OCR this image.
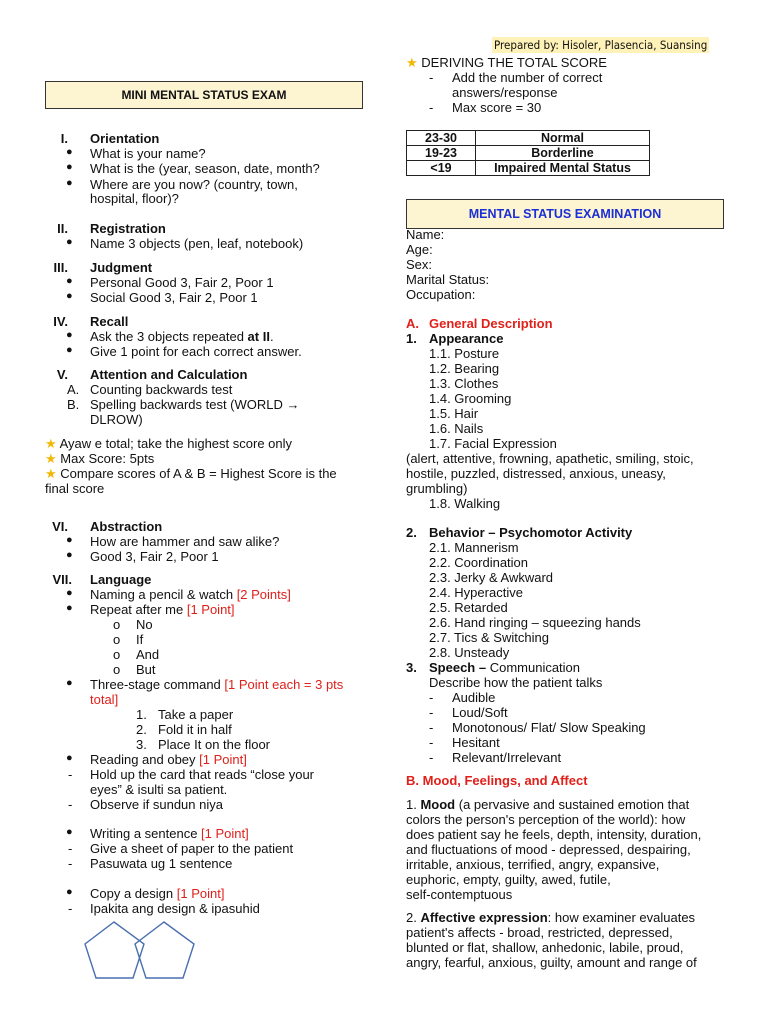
Prepared by: Hisoler, Plasencia, Suansing
MINI MENTAL STATUS EXAM
I. Orientation
● What is your name?
● What is the (year, season, date, month?
● Where are you now? (country, town,
hospital, floor)?
II. Registration
● Name 3 objects (pen, leaf, notebook)
III. Judgment
● Personal Good 3, Fair 2, Poor 1
● Social Good 3, Fair 2, Poor 1
IV. Recall
● Ask the 3 objects repeated at II.
● Give 1 point for each correct answer.
V. Attention and Calculation
A. Counting backwards test
B. Spelling backwards test (WORLD →
DLROW)
★ Ayaw e total; take the highest score only
★ Max Score: 5pts
★ Compare scores of A & B = Highest Score is the
final score
VI. Abstraction
● How are hammer and saw alike?
● Good 3, Fair 2, Poor 1
VII. Language
● Naming a pencil & watch [2 Points]
● Repeat after me [1 Point]
o No
o If
o And
o But
● Three-stage command [1 Point each = 3 pts
total]
1. Take a paper
2. Fold it in half
3. Place It on the floor
● Reading and obey [1 Point]
- Hold up the card that reads “close your
eyes” & isulti sa patient.
- Observe if sundun niya
● Writing a sentence [1 Point]
- Give a sheet of paper to the patient
- Pasuwata ug 1 sentence
● Copy a design [1 Point]
- Ipakita ang design & ipasuhid
★ DERIVING THE TOTAL SCORE
- Add the number of correct
answers/response
- Max score = 30
23-30	Normal
19-23	Borderline
<19	Impaired Mental Status
MENTAL STATUS EXAMINATION
Name:
Age:
Sex:
Marital Status:
Occupation:
A. General Description
1. Appearance
1.1. Posture
1.2. Bearing
1.3. Clothes
1.4. Grooming
1.5. Hair
1.6. Nails
1.7. Facial Expression
(alert, attentive, frowning, apathetic, smiling, stoic,
hostile, puzzled, distressed, anxious, uneasy,
grumbling)
1.8. Walking
2. Behavior – Psychomotor Activity
2.1. Mannerism
2.2. Coordination
2.3. Jerky & Awkward
2.4. Hyperactive
2.5. Retarded
2.6. Hand ringing – squeezing hands
2.7. Tics & Switching
2.8. Unsteady
3. Speech – Communication
Describe how the patient talks
- Audible
- Loud/Soft
- Monotonous/ Flat/ Slow Speaking
- Hesitant
- Relevant/Irrelevant
B. Mood, Feelings, and Affect
1. Mood (a pervasive and sustained emotion that
colors the person's perception of the world): how
does patient say he feels, depth, intensity, duration,
and fluctuations of mood - depressed, despairing,
irritable, anxious, terrified, angry, expansive,
euphoric, empty, guilty, awed, futile,
self-contemptuous
2. Affective expression: how examiner evaluates
patient's affects - broad, restricted, depressed,
blunted or flat, shallow, anhedonic, labile, proud,
angry, fearful, anxious, guilty, amount and range of
